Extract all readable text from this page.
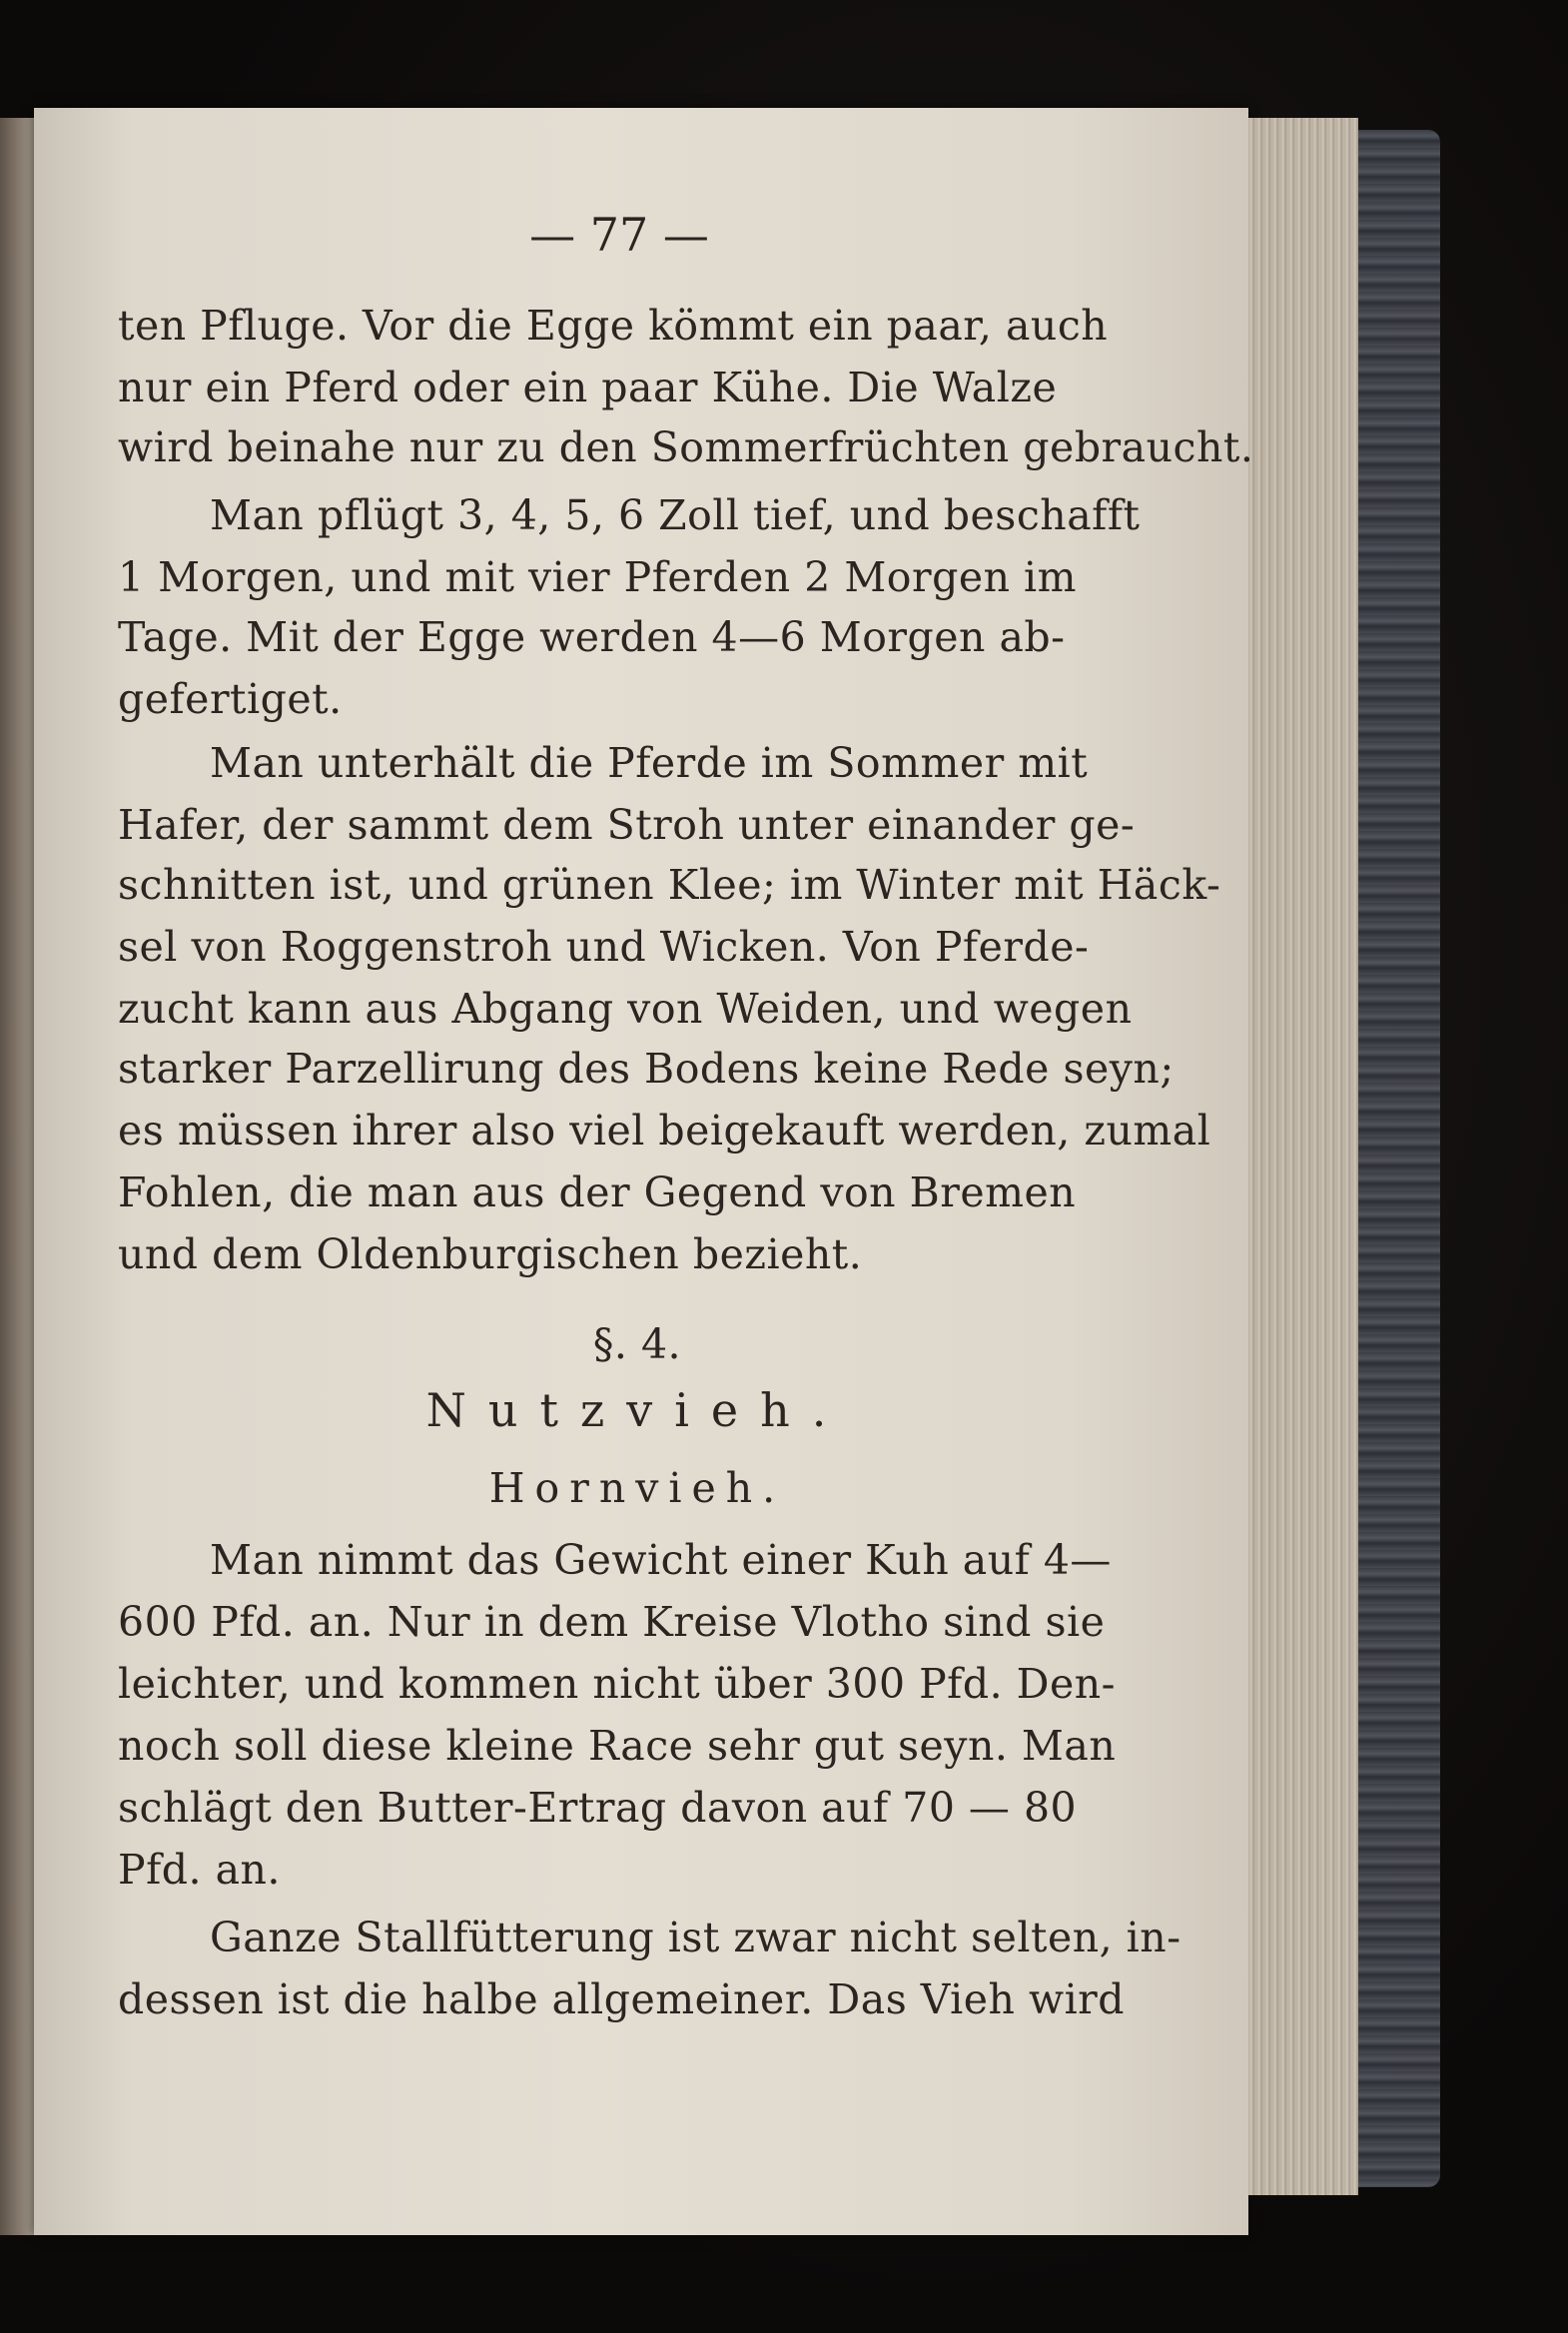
— 77 —
ten Pfluge. Vor die Egge kömmt ein paar, auch
nur ein Pferd oder ein paar Kühe. Die Walze
wird beinahe nur zu den Sommerfrüchten gebraucht.
Man pflügt 3, 4, 5, 6 Zoll tief, und beschafft
1 Morgen, und mit vier Pferden 2 Morgen im
Tage. Mit der Egge werden 4—6 Morgen ab-
gefertiget.
Man unterhält die Pferde im Sommer mit
Hafer, der sammt dem Stroh unter einander ge-
schnitten ist, und grünen Klee; im Winter mit Häck-
sel von Roggenstroh und Wicken. Von Pferde-
zucht kann aus Abgang von Weiden, und wegen
starker Parzellirung des Bodens keine Rede seyn;
es müssen ihrer also viel beigekauft werden, zumal
Fohlen, die man aus der Gegend von Bremen
und dem Oldenburgischen bezieht.
§. 4.
Nutzvieh.
Hornvieh.
Man nimmt das Gewicht einer Kuh auf 4—
600 Pfd. an. Nur in dem Kreise Vlotho sind sie
leichter, und kommen nicht über 300 Pfd. Den-
noch soll diese kleine Race sehr gut seyn. Man
schlägt den Butter-Ertrag davon auf 70 — 80
Pfd. an.
Ganze Stallfütterung ist zwar nicht selten, in-
dessen ist die halbe allgemeiner. Das Vieh wird
